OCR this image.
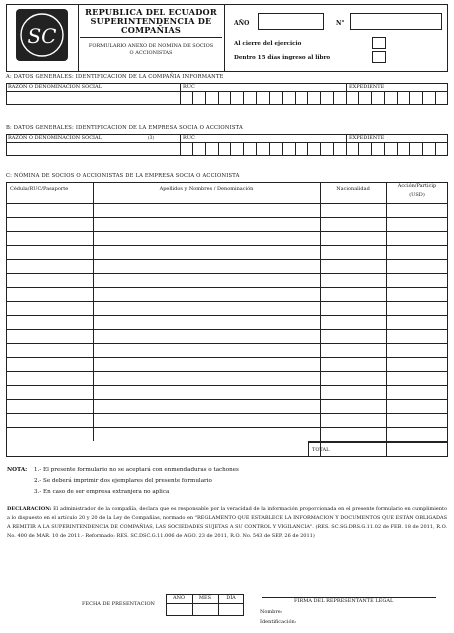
SC
REPUBLICA DEL ECUADOR
SUPERINTENDENCIA DE
COMPAÑIAS
FORMULARIO ANEXO DE NOMINA DE SOCIOS
O ACCIONISTAS
AÑO	N°
Al cierre del ejercicio
Dentro 15 días ingreso al libro
A: DATOS GENERALES: IDENTIFICACION DE LA COMPAÑIA INFORMANTE
RAZÓN O DENOMINACION SOCIAL	RUC	EXPEDIENTE
B: DATOS GENERALES: IDENTIFICACION DE LA EMPRESA SOCIA O ACCIONISTA
RAZÓN O DENOMINACION SOCIAL	(3)	RUC	EXPEDIENTE
C: NÓMINA DE SOCIOS O ACCIONISTAS DE LA EMPRESA SOCIA O ACCIONISTA
Cédula/RUC/Pasaporte	Apellidos y Nombres / Denominación	Nacionalidad	Acción/Particip
(USD)
TOTAL
NOTA: 1.- El presente formulario no se aceptará con enmendaduras o tachones
2.- Se deberá imprimir dos ejemplares del presente formulario
3.- En caso de ser empresa extranjera no aplica
DECLARACION: El administrador de la compañía, declara que es responsable por la veracidad de la información proporcionada en el presente formulario en cumplimiento a lo dispuesto en el artículo 20 y 20 de la Ley de Compañías, normado en "REGLAMENTO QUE ESTABLECE LA INFORMACION Y DOCUMENTOS QUE ESTÁN OBLIGADAS A REMITIR A LA SUPERINTENDENCIA DE COMPAÑIAS, LAS SOCIEDADES SUJETAS A SU CONTROL Y VIGILANCIA". (RES. SC.SG.DRS.G.11.02 de FEB. 18 de 2011, R.O. No. 400 de MAR. 10 de 2011.- Reformado: RES. SC.DSC.G.11.006 de AGO. 23 de 2011, R.O. No. 543 de SEP. 26 de 2011)
FECHA DE PRESENTACION
AÑO	MES	DÍA	FIRMA DEL REPRESENTANTE LEGAL
Nombre:
Identificación:
